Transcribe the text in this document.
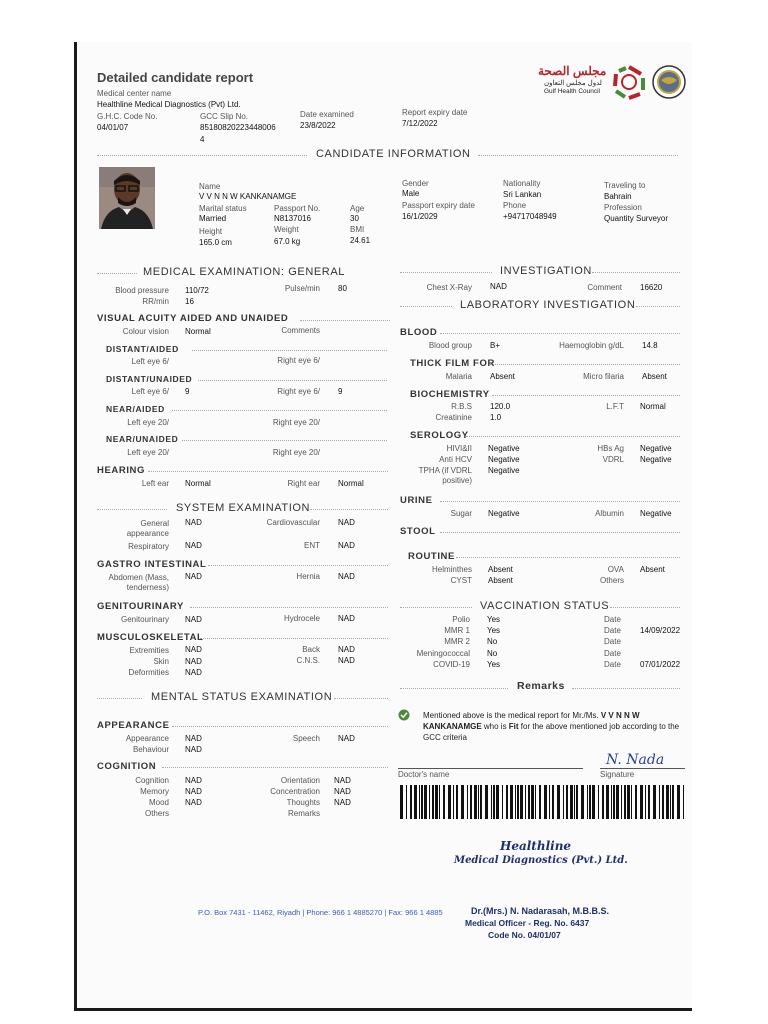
Detailed candidate report
Medical center name
Healthline Medical Diagnostics (Pvt) Ltd.
G.H.C. Code No.
04/01/07
GCC Slip No.
85180820223448006
4
Date examined
23/8/2022
Report expiry date
7/12/2022
مجلس الصحة
لدول مجلس التعاون
Gulf Health Council
CANDIDATE INFORMATION
Name
V V N N W KANKANAMGE
Marital status
Married
Passport No.
N8137016
Age
30
Height
165.0 cm
Weight
67.0 kg
BMI
24.61
Gender
Male
Passport expiry date
16/1/2029
Nationality
Sri Lankan
Phone
+94717048949
Traveling to
Bahrain
Profession
Quantity Surveyor
MEDICAL EXAMINATION: GENERAL
Blood pressure 110/72	Pulse/min 80
RR/min 16
VISUAL ACUITY AIDED AND UNAIDED
Colour vision Normal	Comments
DISTANT/AIDED
Left eye 6/	Right eye 6/
DISTANT/UNAIDED
Left eye 6/ 9	Right eye 6/ 9
NEAR/AIDED
Left eye 20/	Right eye 20/
NEAR/UNAIDED
Left eye 20/	Right eye 20/
HEARING
Left ear Normal	Right ear Normal
SYSTEM EXAMINATION
General appearance
NAD	Cardiovascular NAD
Respiratory NAD	ENT NAD
GASTRO INTESTINAL
Abdomen (Mass, tenderness)
NAD	Hernia NAD
GENITOURINARY
Genitourinary NAD	Hydrocele NAD
MUSCULOSKELETAL
Extremities NAD	Back NAD
Skin NAD	C.N.S. NAD
Deformities NAD
MENTAL STATUS EXAMINATION
APPEARANCE
Appearance NAD	Speech NAD
Behaviour NAD
COGNITION
Cognition NAD	Orientation NAD
Memory NAD	Concentration NAD
Mood NAD	Thoughts NAD
Others	Remarks
INVESTIGATION
Chest X-Ray NAD	Comment 16620
LABORATORY INVESTIGATION
BLOOD
Blood group B+	Haemoglobin g/dL 14.8
THICK FILM FOR
Malaria Absent	Micro filaria Absent
BIOCHEMISTRY
R.B.S 120.0	L.F.T Normal
Creatinine 1.0
SEROLOGY
HIVI&II Negative	HBs Ag Negative
Anti HCV Negative	VDRL Negative
TPHA (if VDRL positive)
Negative
URINE
Sugar Negative	Albumin Negative
STOOL
ROUTINE
Helminthes Absent	OVA Absent
CYST Absent	Others
VACCINATION STATUS
Polio Yes	Date
MMR 1 Yes	Date 14/09/2022
MMR 2 No	Date
Meningococcal No	Date
COVID-19 Yes	Date 07/01/2022
Remarks
Mentioned above is the medical report for Mr./Ms. V V N N W KANKANAMGE who is Fit for the above mentioned job according to the GCC criteria
Doctor's name
N. Nada
Signature
Healthline
Medical Diagnostics (Pvt.) Ltd.
P.O. Box 7431 - 11462, Riyadh | Phone: 966 1 4885270 | Fax: 966 1 4885	Dr.(Mrs.) N. Nadarasah, M.B.B.S.
Medical Officer - Reg. No. 6437
Code No. 04/01/07
